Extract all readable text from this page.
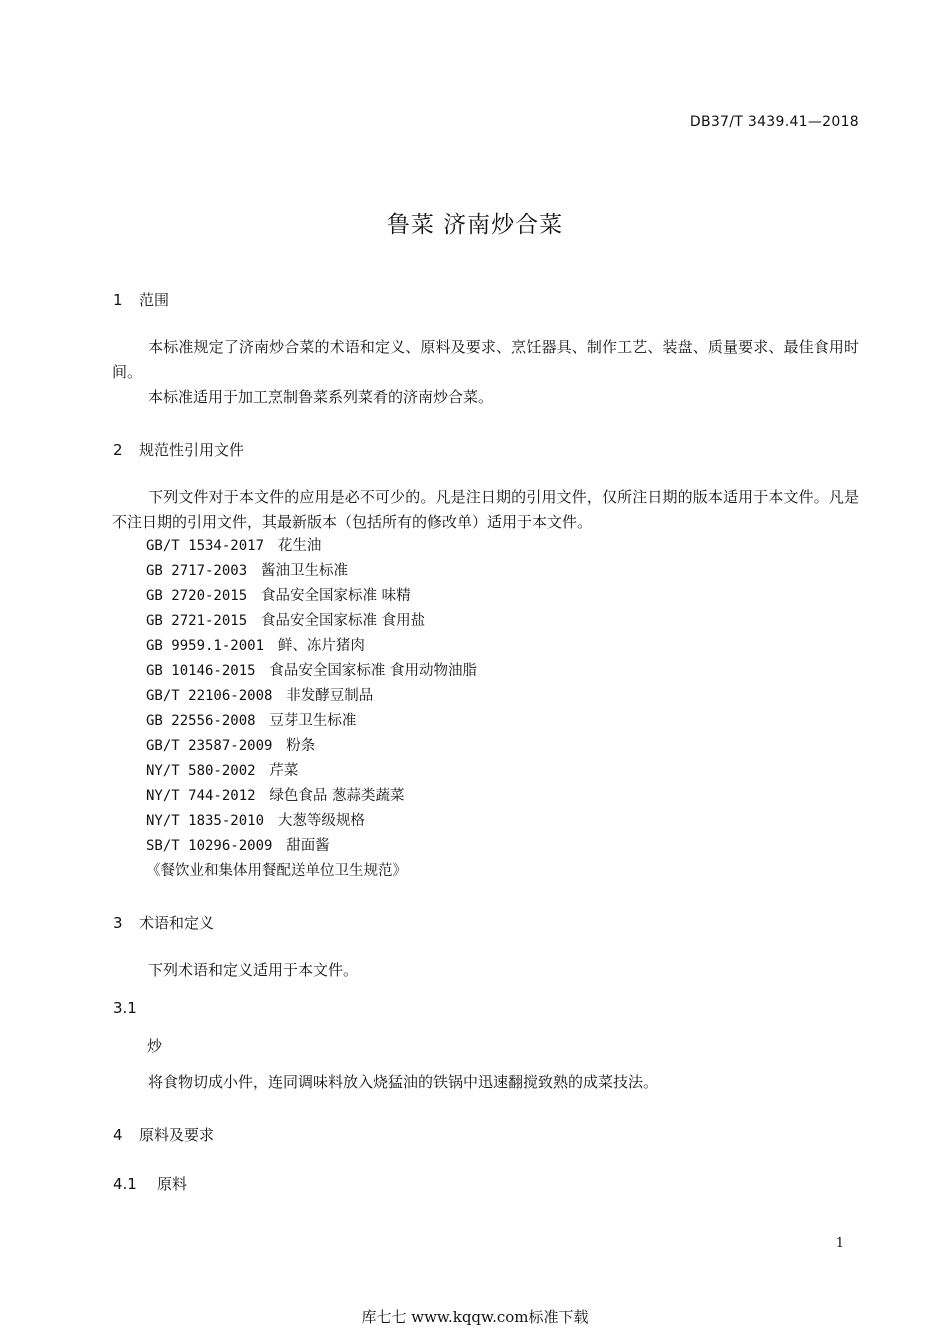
DB37/T 3439.41—2018
鲁菜 济南炒合菜
1 范围
本标准规定了济南炒合菜的术语和定义、原料及要求、烹饪器具、制作工艺、装盘、质量要求、最佳食用时间。
本标准适用于加工烹制鲁菜系列菜肴的济南炒合菜。
2 规范性引用文件
下列文件对于本文件的应用是必不可少的。凡是注日期的引用文件，仅所注日期的版本适用于本文件。凡是不注日期的引用文件，其最新版本（包括所有的修改单）适用于本文件。
GB/T 1534-2017 花生油
GB 2717-2003 酱油卫生标准
GB 2720-2015 食品安全国家标准 味精
GB 2721-2015 食品安全国家标准 食用盐
GB 9959.1-2001 鲜、冻片猪肉
GB 10146-2015 食品安全国家标准 食用动物油脂
GB/T 22106-2008 非发酵豆制品
GB 22556-2008 豆芽卫生标准
GB/T 23587-2009 粉条
NY/T 580-2002 芹菜
NY/T 744-2012 绿色食品 葱蒜类蔬菜
NY/T 1835-2010 大葱等级规格
SB/T 10296-2009 甜面酱
《餐饮业和集体用餐配送单位卫生规范》
3 术语和定义
下列术语和定义适用于本文件。
3.1
炒
将食物切成小件，连同调味料放入烧猛油的铁锅中迅速翻搅致熟的成菜技法。
4 原料及要求
4.1 原料
1
库七七 www.kqqw.com标准下载
